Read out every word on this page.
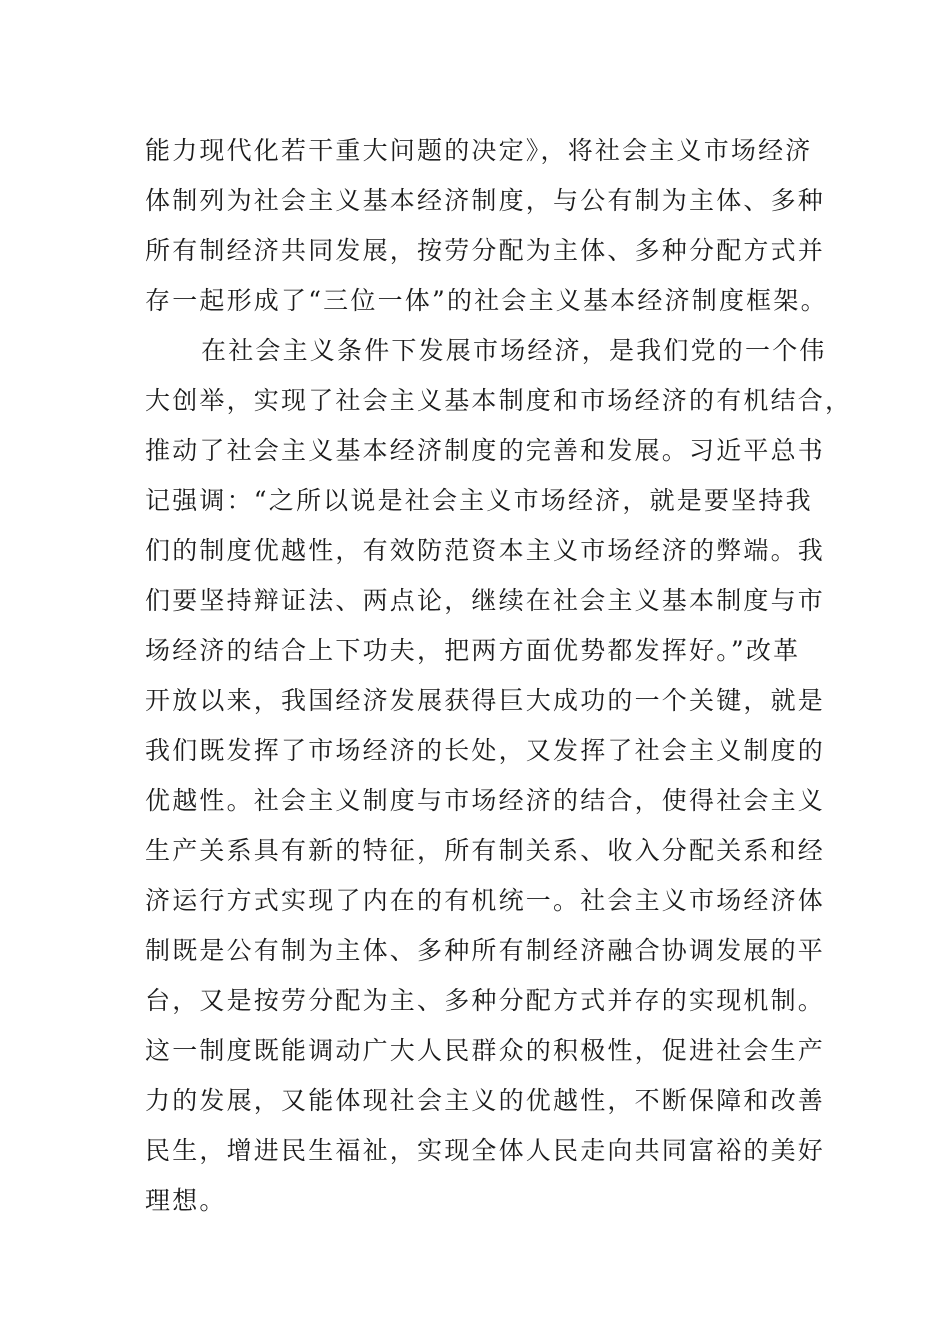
能力现代化若干重大问题的决定》，将社会主义市场经济
体制列为社会主义基本经济制度，与公有制为主体、多种
所有制经济共同发展，按劳分配为主体、多种分配方式并
存一起形成了“三位一体”的社会主义基本经济制度框架。
在社会主义条件下发展市场经济，是我们党的一个伟
大创举，实现了社会主义基本制度和市场经济的有机结合，
推动了社会主义基本经济制度的完善和发展。习近平总书
记强调：“之所以说是社会主义市场经济，就是要坚持我
们的制度优越性，有效防范资本主义市场经济的弊端。我
们要坚持辩证法、两点论，继续在社会主义基本制度与市
场经济的结合上下功夫，把两方面优势都发挥好。”改革
开放以来，我国经济发展获得巨大成功的一个关键，就是
我们既发挥了市场经济的长处，又发挥了社会主义制度的
优越性。社会主义制度与市场经济的结合，使得社会主义
生产关系具有新的特征，所有制关系、收入分配关系和经
济运行方式实现了内在的有机统一。社会主义市场经济体
制既是公有制为主体、多种所有制经济融合协调发展的平
台，又是按劳分配为主、多种分配方式并存的实现机制。
这一制度既能调动广大人民群众的积极性，促进社会生产
力的发展，又能体现社会主义的优越性，不断保障和改善
民生，增进民生福祉，实现全体人民走向共同富裕的美好
理想。
